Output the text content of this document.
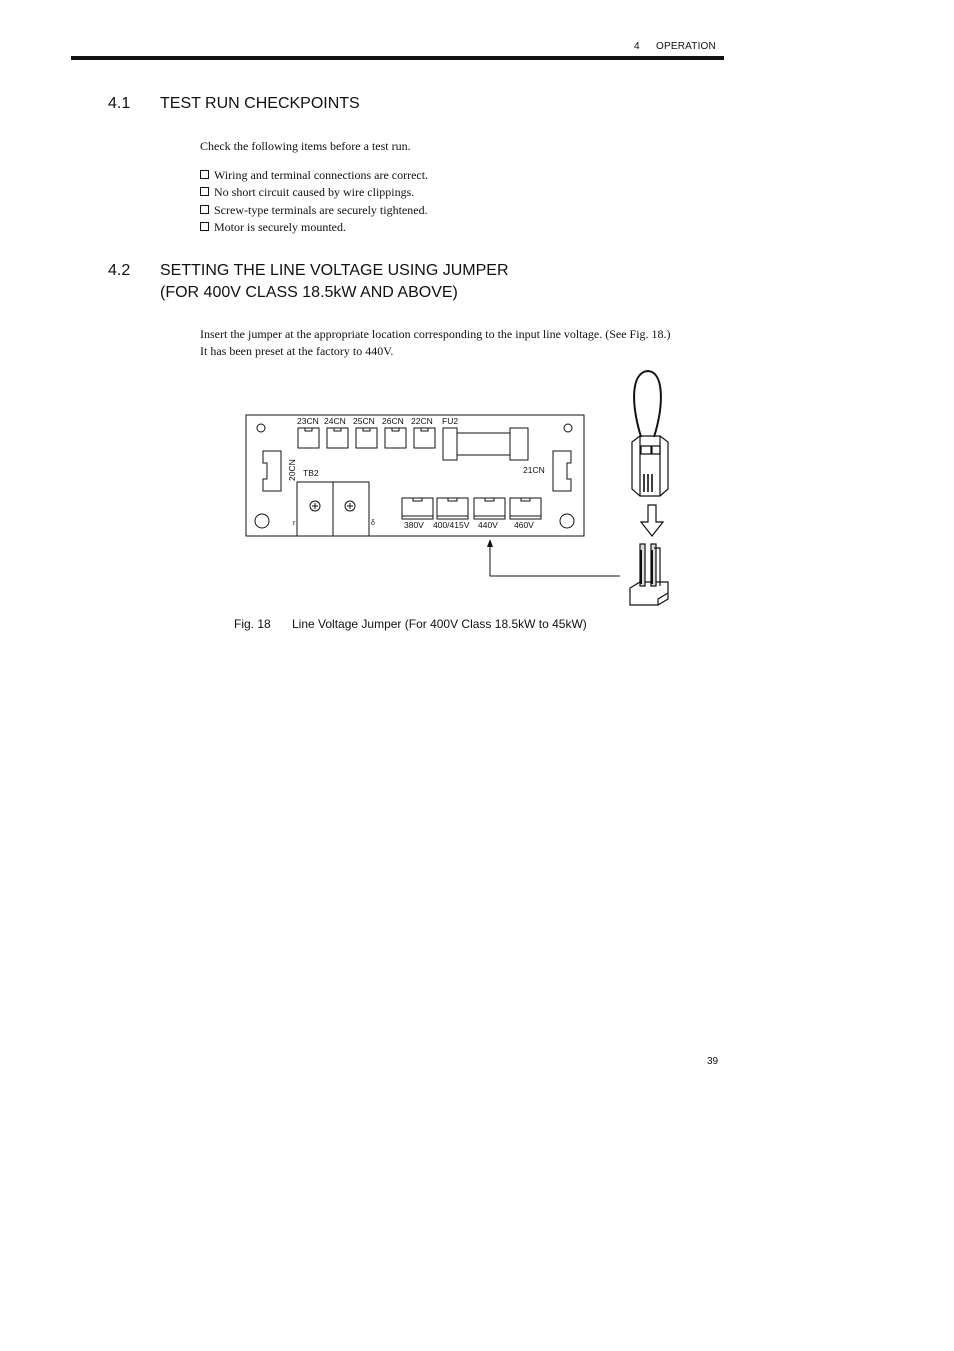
4 OPERATION
4.1 TEST RUN CHECKPOINTS
Check the following items before a test run.
Wiring and terminal connections are correct.
No short circuit caused by wire clippings.
Screw-type terminals are securely tightened.
Motor is securely mounted.
4.2 SETTING THE LINE VOLTAGE USING JUMPER
(FOR 400V CLASS 18.5kW AND ABOVE)
Insert the jumper at the appropriate location corresponding to the input line voltage. (See Fig. 18.)
It has been preset at the factory to 440V.
23CN 24CN 25CN 26CN 22CN FU2
20CN	21CN
TB2
r	δ	380V 400/415V 440V 460V
Fig. 18 Line Voltage Jumper (For 400V Class 18.5kW to 45kW)
39
